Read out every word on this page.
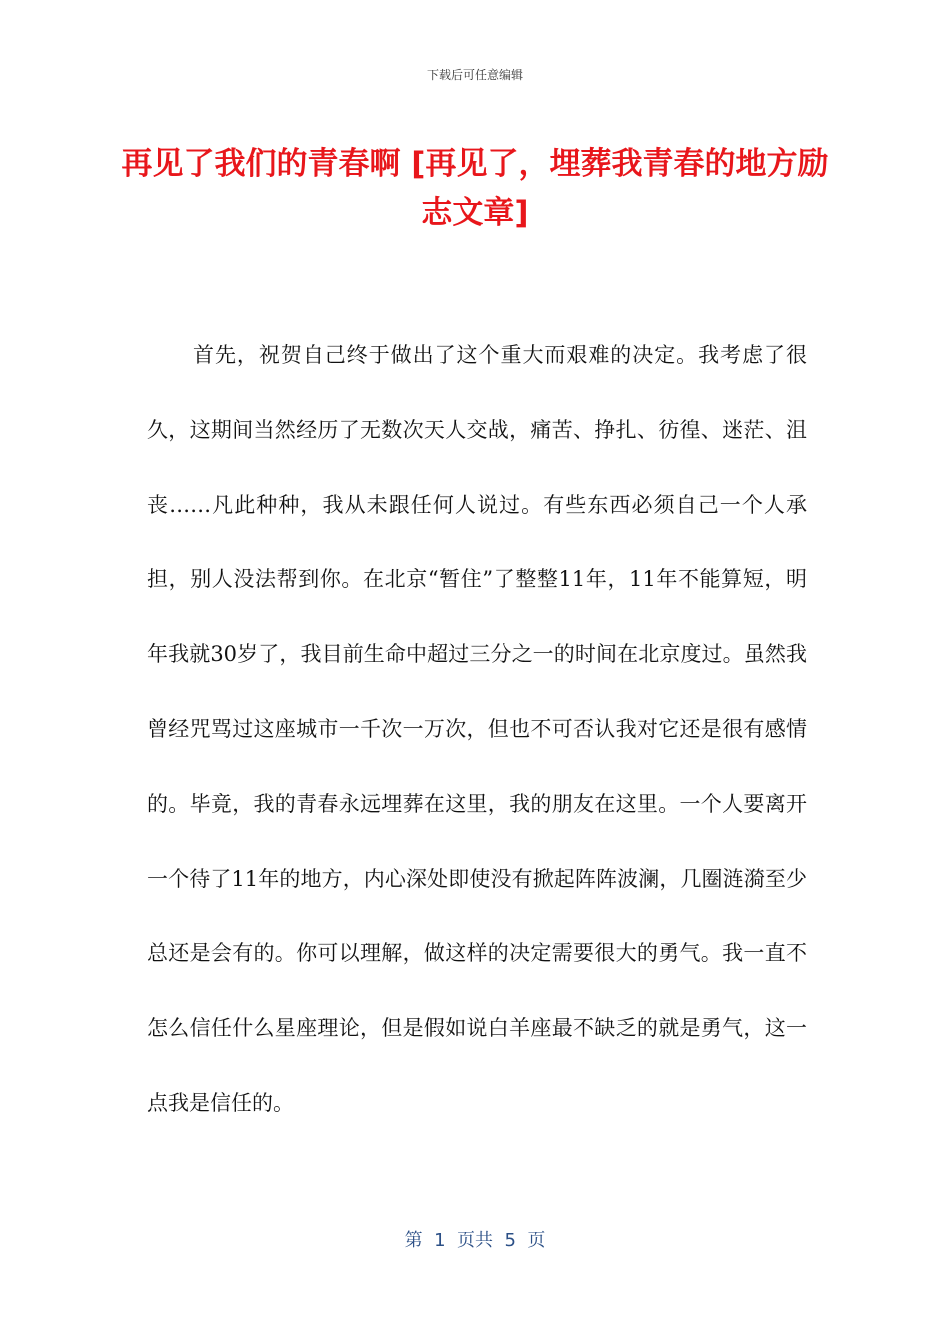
下载后可任意编辑
再见了我们的青春啊 [再见了，埋葬我青春的地方励志文章]

首先，祝贺自己终于做出了这个重大而艰难的决定。我考虑了很久，这期间当然经历了无数次天人交战，痛苦、挣扎、彷徨、迷茫、沮丧……凡此种种，我从未跟任何人说过。有些东西必须自己一个人承担，别人没法帮到你。在北京“暂住”了整整11年，11年不能算短，明年我就30岁了，我目前生命中超过三分之一的时间在北京度过。虽然我曾经咒骂过这座城市一千次一万次，但也不可否认我对它还是很有感情的。毕竟，我的青春永远埋葬在这里，我的朋友在这里。一个人要离开一个待了11年的地方，内心深处即使没有掀起阵阵波澜，几圈涟漪至少总还是会有的。你可以理解，做这样的决定需要很大的勇气。我一直不怎么信任什么星座理论，但是假如说白羊座最不缺乏的就是勇气，这一点我是信任的。

第  1  页共  5  页
